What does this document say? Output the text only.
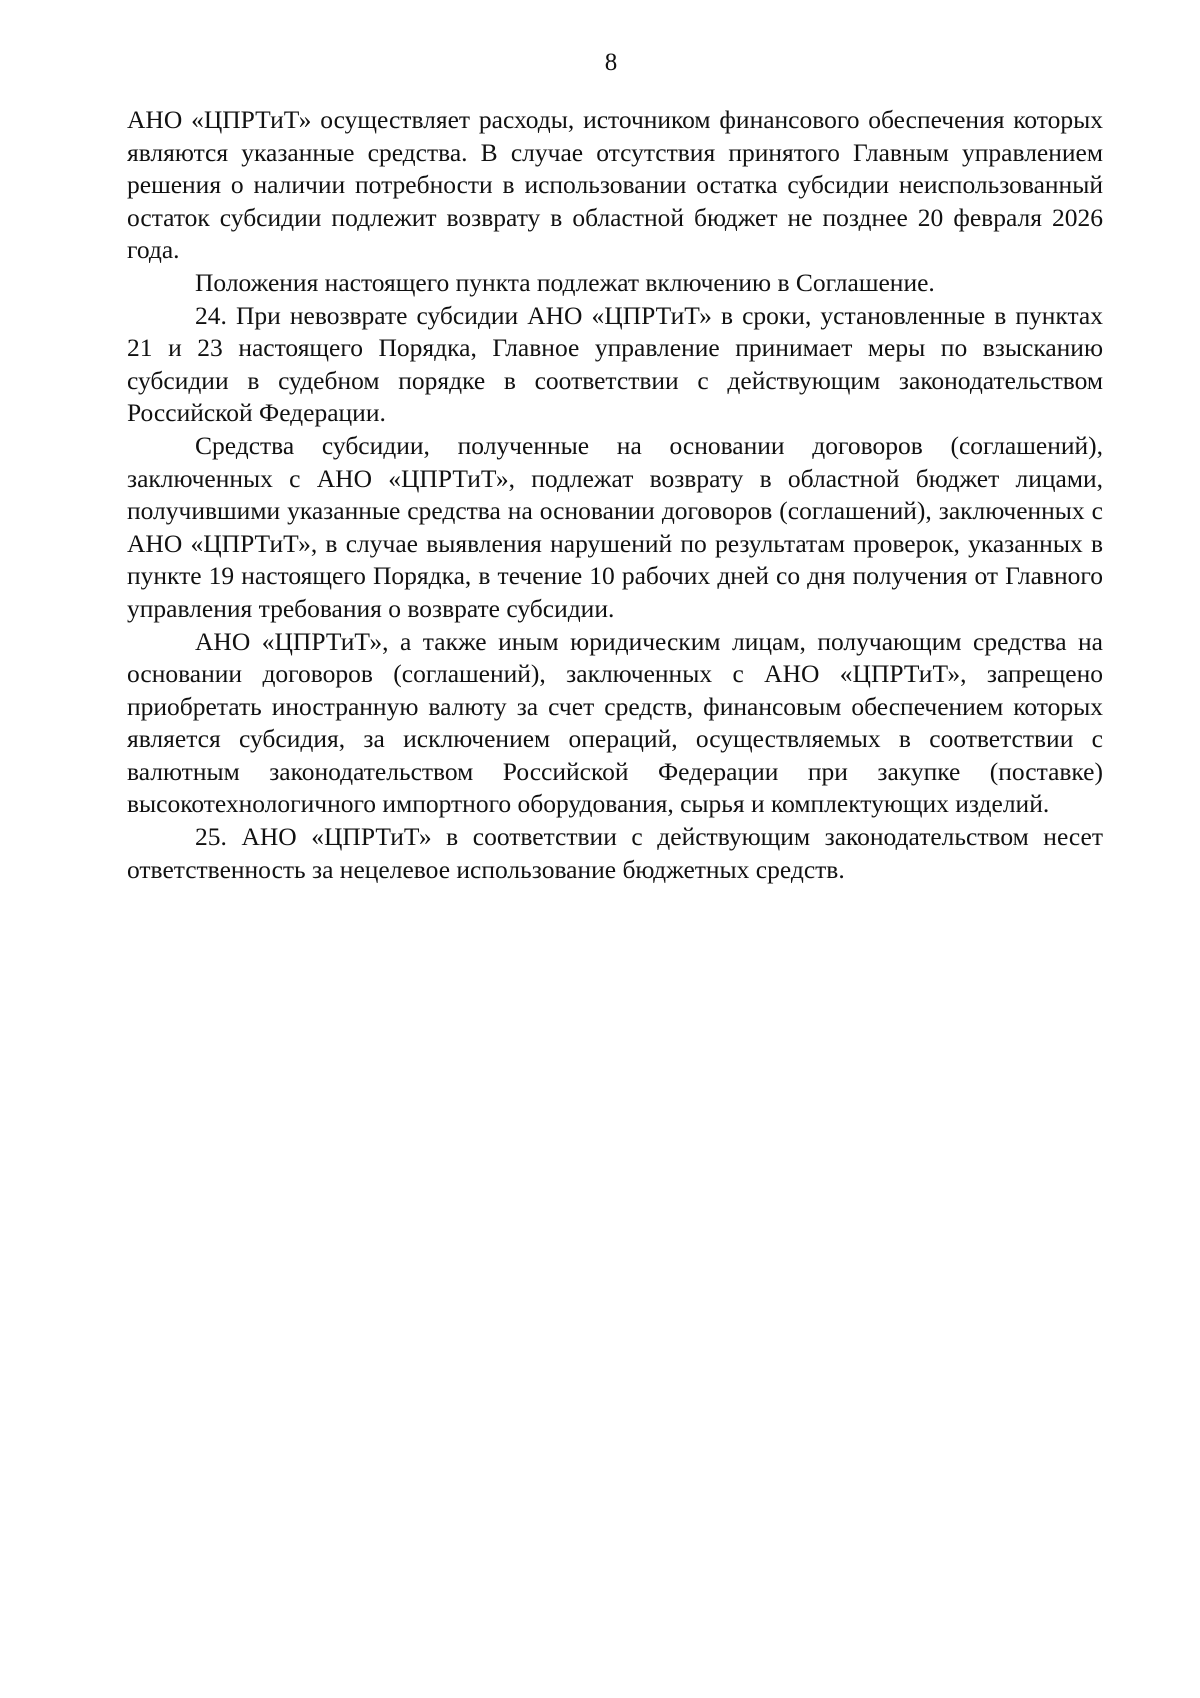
8

АНО «ЦПРТиТ» осуществляет расходы, источником финансового обеспечения которых являются указанные средства. В случае отсутствия принятого Главным управлением решения о наличии потребности в использовании остатка субсидии неиспользованный остаток субсидии подлежит возврату в областной бюджет не позднее 20 февраля 2026 года.

Положения настоящего пункта подлежат включению в Соглашение.

24. При невозврате субсидии АНО «ЦПРТиТ» в сроки, установленные в пунктах 21 и 23 настоящего Порядка, Главное управление принимает меры по взысканию субсидии в судебном порядке в соответствии с действующим законодательством Российской Федерации.

Средства субсидии, полученные на основании договоров (соглашений), заключенных с АНО «ЦПРТиТ», подлежат возврату в областной бюджет лицами, получившими указанные средства на основании договоров (соглашений), заключенных с АНО «ЦПРТиТ», в случае выявления нарушений по результатам проверок, указанных в пункте 19 настоящего Порядка, в течение 10 рабочих дней со дня получения от Главного управления требования о возврате субсидии.

АНО «ЦПРТиТ», а также иным юридическим лицам, получающим средства на основании договоров (соглашений), заключенных с АНО «ЦПРТиТ», запрещено приобретать иностранную валюту за счет средств, финансовым обеспечением которых является субсидия, за исключением операций, осуществляемых в соответствии с валютным законодательством Российской Федерации при закупке (поставке) высокотехнологичного импортного оборудования, сырья и комплектующих изделий.

25. АНО «ЦПРТиТ» в соответствии с действующим законодательством несет ответственность за нецелевое использование бюджетных средств.
